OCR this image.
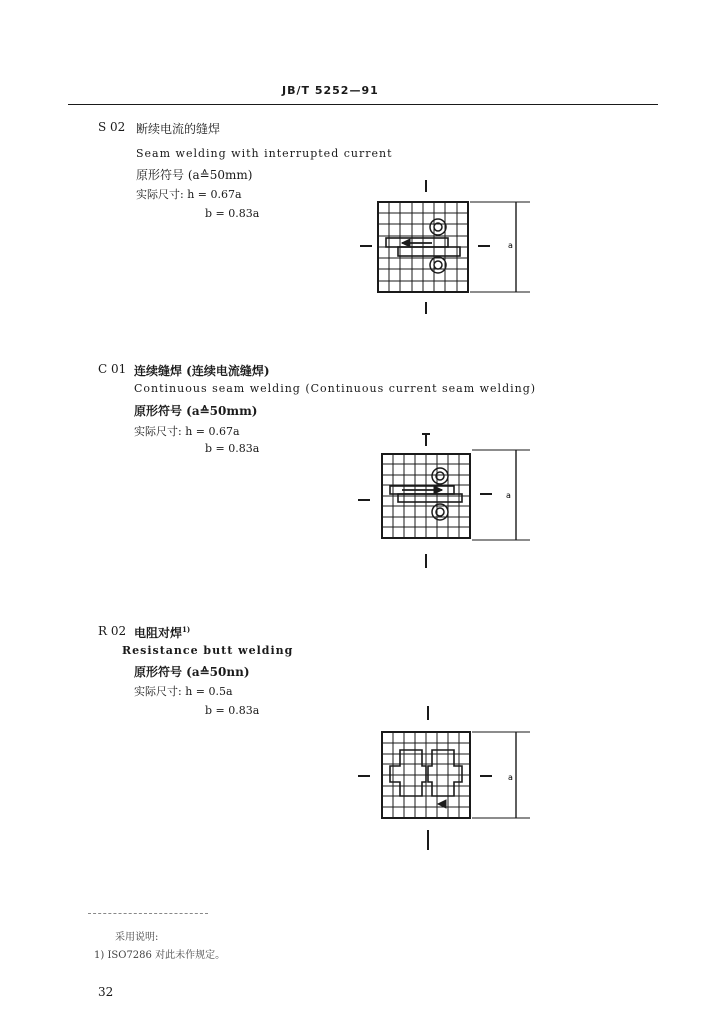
JB/T 5252—91
S 02 断续电流的缝焊
Seam welding with interrupted current
原形符号 (a≙50mm)
实际尺寸: h = 0.67a
b = 0.83a
a
C 01 连续缝焊 (连续电流缝焊)
Continuous seam welding (Continuous current seam welding)
原形符号 (a≙50mm)
实际尺寸: h = 0.67a
b = 0.83a
a
R 02 电阻对焊$^{1)}$
Resistance butt welding
原形符号 (a≙50nn)
实际尺寸: h = 0.5a
b = 0.83a
a
采用说明:
1) ISO7286 对此未作规定。
32
